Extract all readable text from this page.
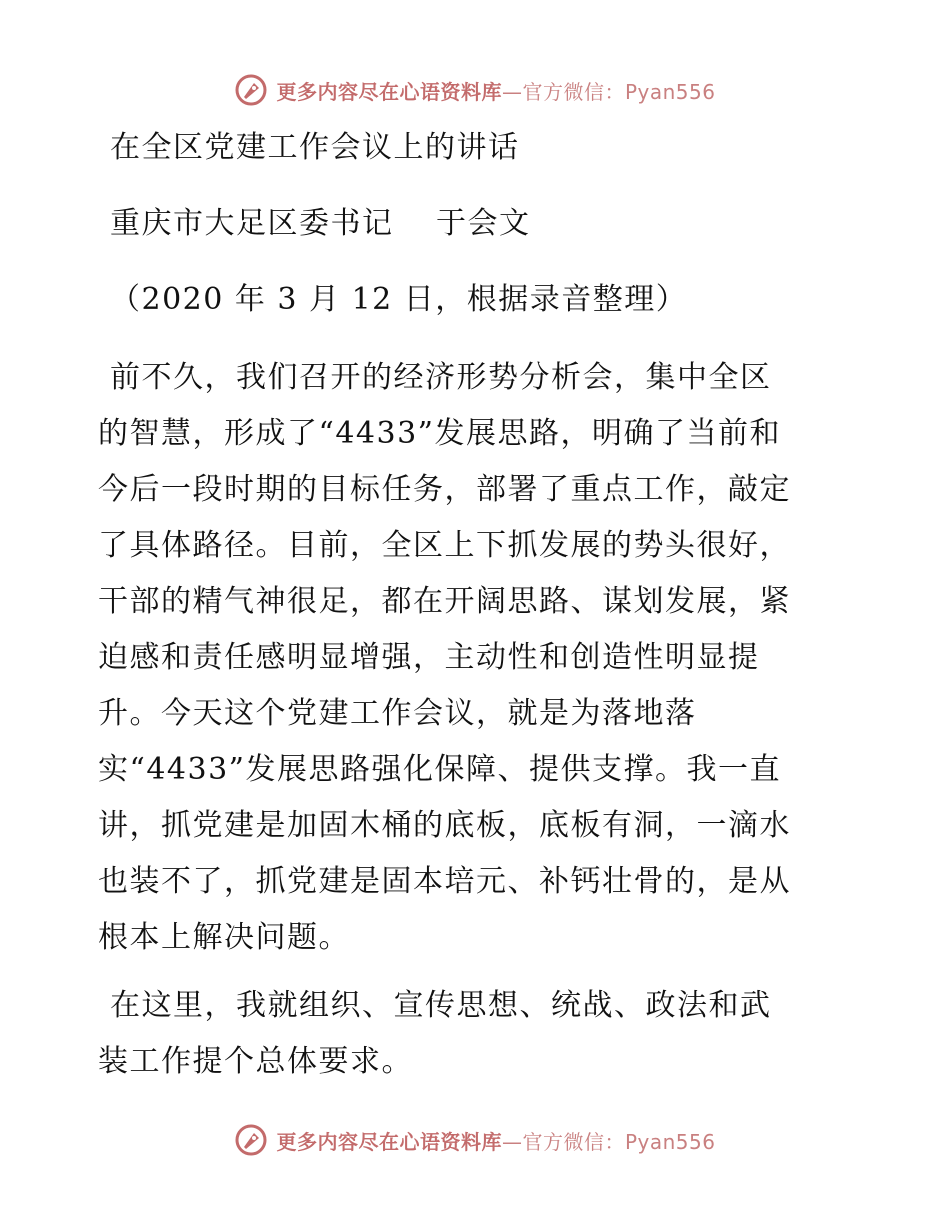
更多内容尽在心语资料库—官方微信：Pyan556
在全区党建工作会议上的讲话
重庆市大足区委书记　 于会文
（2020 年 3 月 12 日，根据录音整理）
前不久，我们召开的经济形势分析会，集中全区
的智慧，形成了“4433”发展思路，明确了当前和
今后一段时期的目标任务，部署了重点工作，敲定
了具体路径。目前，全区上下抓发展的势头很好，
干部的精气神很足，都在开阔思路、谋划发展，紧
迫感和责任感明显增强，主动性和创造性明显提
升。今天这个党建工作会议，就是为落地落
实“4433”发展思路强化保障、提供支撑。我一直
讲，抓党建是加固木桶的底板，底板有洞，一滴水
也装不了，抓党建是固本培元、补钙壮骨的，是从
根本上解决问题。
在这里，我就组织、宣传思想、统战、政法和武
装工作提个总体要求。
更多内容尽在心语资料库—官方微信：Pyan556
